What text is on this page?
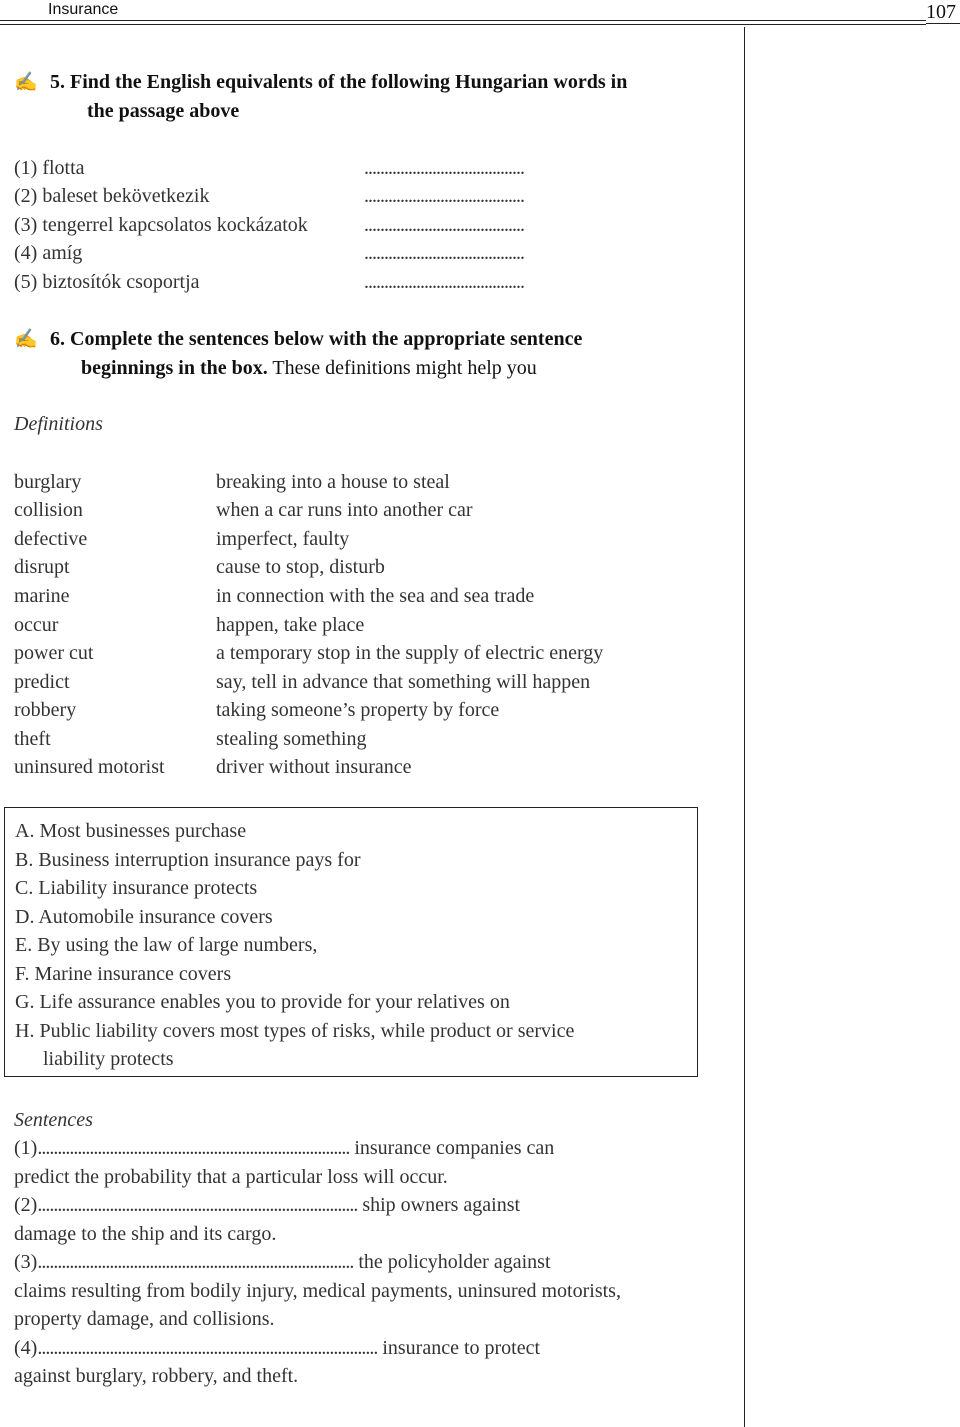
Insurance	107
✍ 5. Find the English equivalents of the following Hungarian words in
the passage above
(1) flotta	........................................
(2) baleset bekövetkezik	........................................
(3) tengerrel kapcsolatos kockázatok	........................................
(4) amíg	........................................
(5) biztosítók csoportja	........................................
✍ 6. Complete the sentences below with the appropriate sentence
beginnings in the box. These definitions might help you
Definitions
burglary	breaking into a house to steal
collision	when a car runs into another car
defective	imperfect, faulty
disrupt	cause to stop, disturb
marine	in connection with the sea and sea trade
occur	happen, take place
power cut	a temporary stop in the supply of electric energy
predict	say, tell in advance that something will happen
robbery	taking someone’s property by force
theft	stealing something
uninsured motorist	driver without insurance
A. Most businesses purchase
B. Business interruption insurance pays for
C. Liability insurance protects
D. Automobile insurance covers
E. By using the law of large numbers,
F. Marine insurance covers
G. Life assurance enables you to provide for your relatives on
H. Public liability covers most types of risks, while product or service
liability protects
Sentences
(1).............................................................................. insurance companies can
predict the probability that a particular loss will occur.
(2)................................................................................ ship owners against
damage to the ship and its cargo.
(3)............................................................................... the policyholder against
claims resulting from bodily injury, medical payments, uninsured motorists,
property damage, and collisions.
(4)..................................................................................... insurance to protect
against burglary, robbery, and theft.
